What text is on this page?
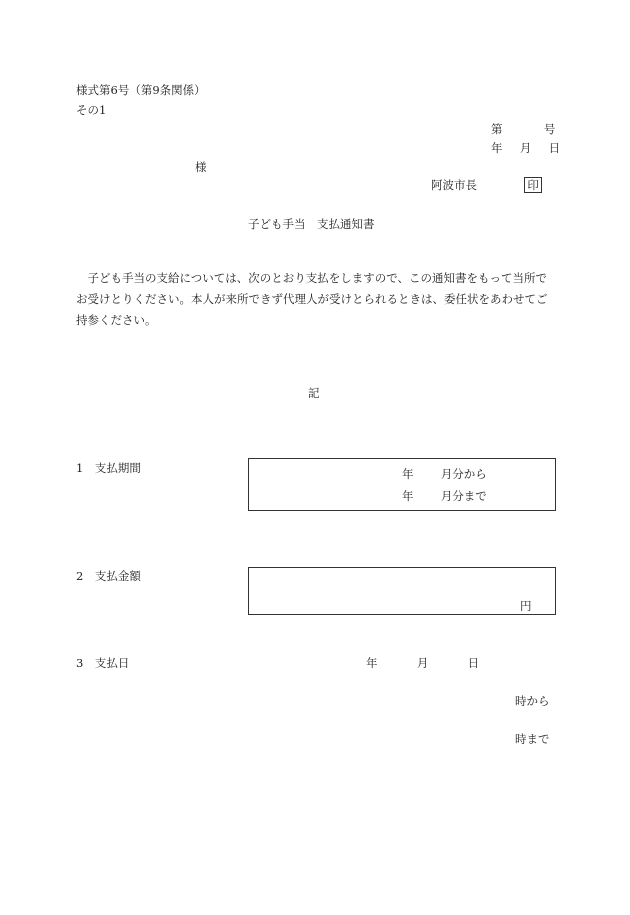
様式第6号（第9条関係）
その1
第	号
年 月 日
様
阿波市長	印
子ども手当　支払通知書

子ども手当の支給については、次のとおり支払をしますので、この通知書をもって当所でお受けとりください。本人が来所できず代理人が受けとられるときは、委任状をあわせてご持参ください。

記
1　支払期間	年 月分から
年 月分まで
2　支払金額
円
3　支払日	年	月	日
時から
時まで
